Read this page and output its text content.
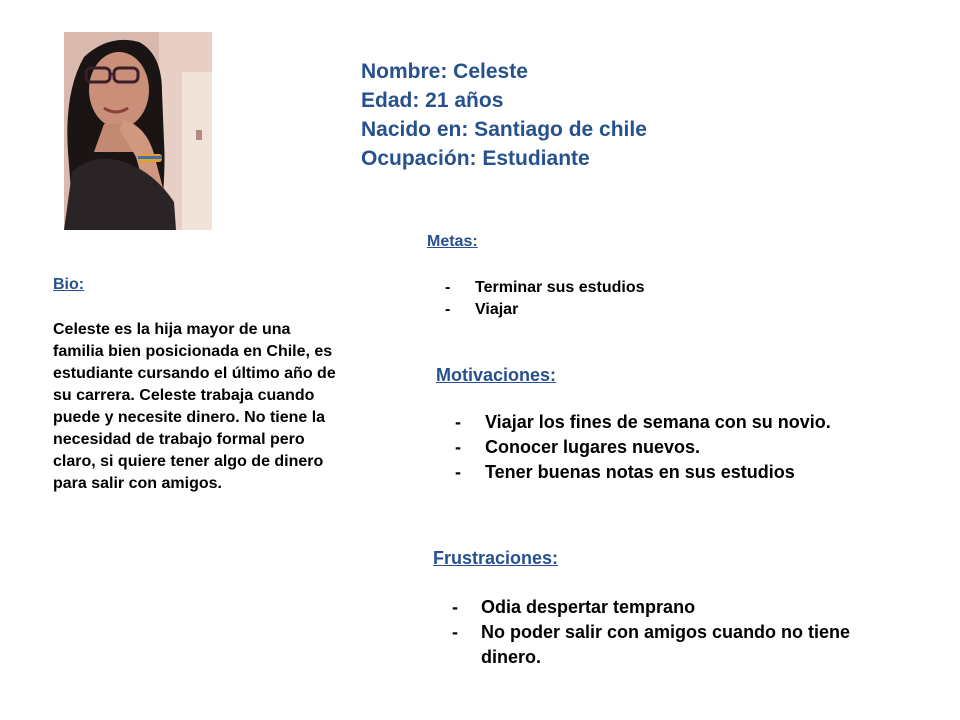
Nombre: Celeste
Edad: 21 años
Nacido en: Santiago de chile
Ocupación: Estudiante
Bio:
Celeste es la hija mayor de una familia bien posicionada en Chile, es estudiante cursando el último año de su carrera. Celeste trabaja cuando puede y necesite dinero. No tiene la necesidad de trabajo formal pero claro, si quiere tener algo de dinero para salir con amigos.
Metas:
- Terminar sus estudios
- Viajar
Motivaciones:
- Viajar los fines de semana con su novio.
- Conocer lugares nuevos.
- Tener buenas notas en sus estudios
Frustraciones:
- Odia despertar temprano
- No poder salir con amigos cuando no tiene dinero.
